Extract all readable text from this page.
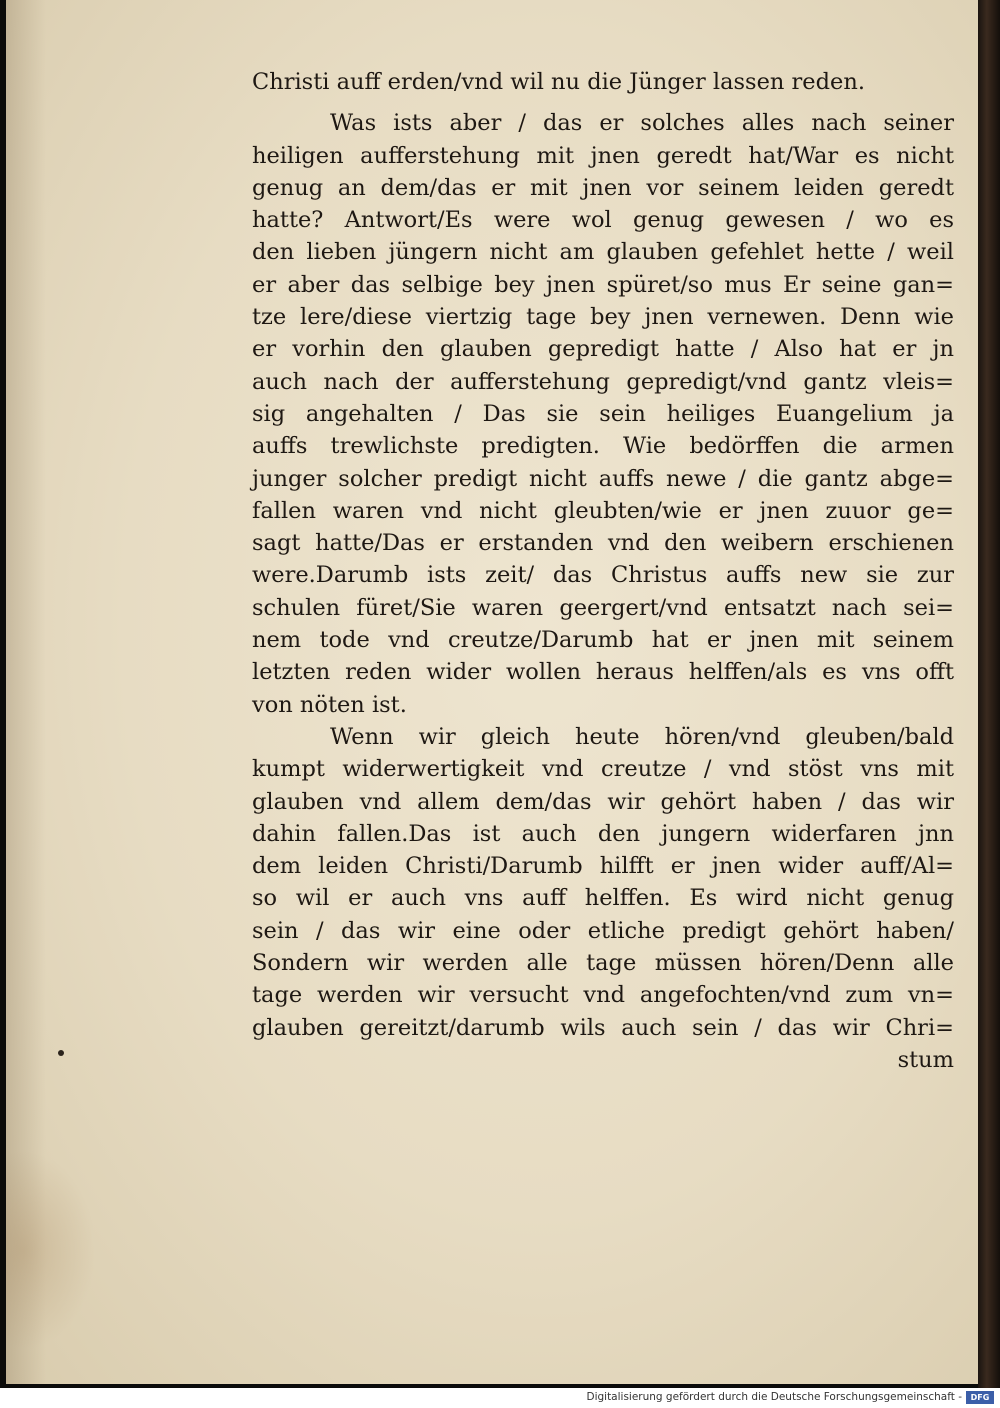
Christi auff erden/vnd wil nu die Jünger lassen reden.
Was ists aber / das er solches alles nach seiner
heiligen aufferstehung mit jnen geredt hat/War es nicht
genug an dem/das er mit jnen vor seinem leiden geredt
hatte? Antwort/Es were wol genug gewesen / wo es
den lieben jüngern nicht am glauben gefehlet hette / weil
er aber das selbige bey jnen spüret/so mus Er seine gan=
tze lere/diese viertzig tage bey jnen vernewen. Denn wie
er vorhin den glauben gepredigt hatte / Also hat er jn
auch nach der aufferstehung gepredigt/vnd gantz vleis=
sig angehalten / Das sie sein heiliges Euangelium ja
auffs trewlichste predigten. Wie bedörffen die armen
junger solcher predigt nicht auffs newe / die gantz abge=
fallen waren vnd nicht gleubten/wie er jnen zuuor ge=
sagt hatte/Das er erstanden vnd den weibern erschienen
were.Darumb ists zeit/ das Christus auffs new sie zur
schulen füret/Sie waren geergert/vnd entsatzt nach sei=
nem tode vnd creutze/Darumb hat er jnen mit seinem
letzten reden wider wollen heraus helffen/als es vns offt
von nöten ist.
Wenn wir gleich heute hören/vnd gleuben/bald
kumpt widerwertigkeit vnd creutze / vnd stöst vns mit
glauben vnd allem dem/das wir gehört haben / das wir
dahin fallen.Das ist auch den jungern widerfaren jnn
dem leiden Christi/Darumb hilfft er jnen wider auff/Al=
so wil er auch vns auff helffen. Es wird nicht genug
sein / das wir eine oder etliche predigt gehört haben/
Sondern wir werden alle tage müssen hören/Denn alle
tage werden wir versucht vnd angefochten/vnd zum vn=
glauben gereitzt/darumb wils auch sein / das wir Chri=
stum
Digitalisierung gefördert durch die Deutsche Forschungsgemeinschaft -	DFG
